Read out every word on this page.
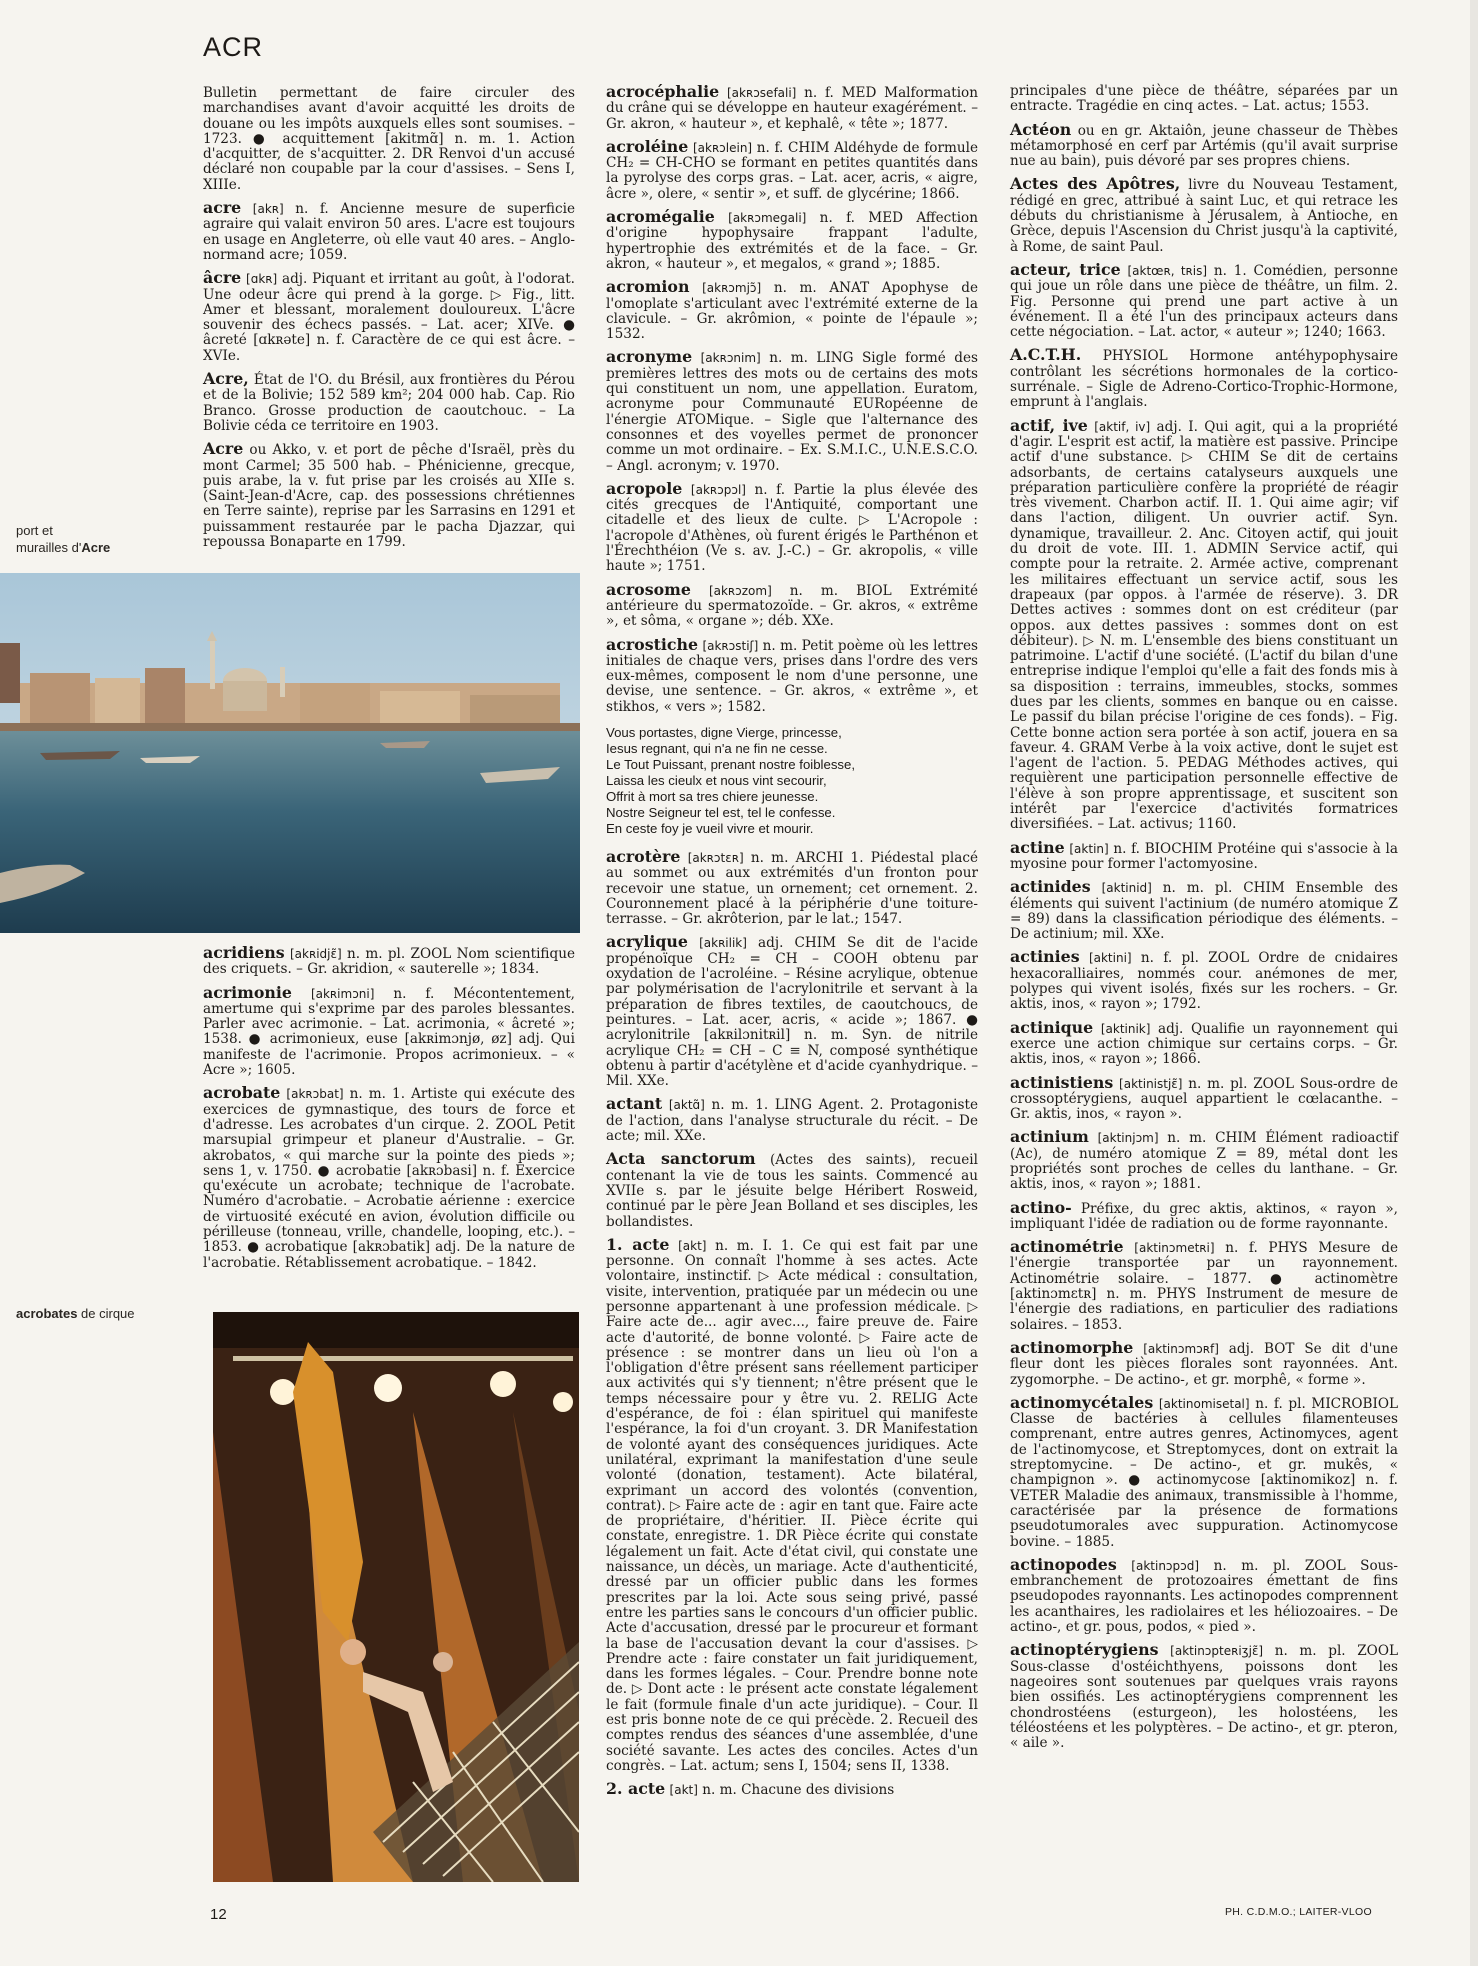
ACR
port et
murailles d'Acre
acrobates de cirque

Bulletin permettant de faire circuler des marchandises avant d'avoir acquitté les droits de douane ou les impôts auxquels elles sont soumises. – 1723. ● acquittement [akitmɑ̃] n. m. 1. Action d'acquitter, de s'acquitter. 2. DR Renvoi d'un accusé déclaré non coupable par la cour d'assises. – Sens I, XIIIe.

acre [akʀ] n. f. Ancienne mesure de superficie agraire qui valait environ 50 ares. L'acre est toujours en usage en Angleterre, où elle vaut 40 ares. – Anglo-normand acre; 1059.

âcre [ɑkʀ] adj. Piquant et irritant au goût, à l'odorat. Une odeur âcre qui prend à la gorge. ▷ Fig., litt. Amer et blessant, moralement douloureux. L'âcre souvenir des échecs passés. – Lat. acer; XIVe. ● âcreté [ɑkʀəte] n. f. Caractère de ce qui est âcre. – XVIe.

Acre, État de l'O. du Brésil, aux frontières du Pérou et de la Bolivie; 152 589 km²; 204 000 hab. Cap. Rio Branco. Grosse production de caoutchouc. – La Bolivie céda ce territoire en 1903.

Acre ou Akko, v. et port de pêche d'Israël, près du mont Carmel; 35 500 hab. – Phénicienne, grecque, puis arabe, la v. fut prise par les croisés au XIIe s. (Saint-Jean-d'Acre, cap. des possessions chrétiennes en Terre sainte), reprise par les Sarrasins en 1291 et puissamment restaurée par le pacha Djazzar, qui repoussa Bonaparte en 1799.

acridiens [akʀidjɛ̃] n. m. pl. ZOOL Nom scientifique des criquets. – Gr. akridion, « sauterelle »; 1834.

acrimonie [akʀimɔni] n. f. Mécontentement, amertume qui s'exprime par des paroles blessantes. Parler avec acrimonie. – Lat. acrimonia, « âcreté »; 1538. ● acrimonieux, euse [akʀimɔnjø, øz] adj. Qui manifeste de l'acrimonie. Propos acrimonieux. – « Acre »; 1605.

acrobate [akʀɔbat] n. m. 1. Artiste qui exécute des exercices de gymnastique, des tours de force et d'adresse. Les acrobates d'un cirque. 2. ZOOL Petit marsupial grimpeur et planeur d'Australie. – Gr. akrobatos, « qui marche sur la pointe des pieds »; sens 1, v. 1750. ● acrobatie [akʀɔbasi] n. f. Exercice qu'exécute un acrobate; technique de l'acrobate. Numéro d'acrobatie. – Acrobatie aérienne : exercice de virtuosité exécuté en avion, évolution difficile ou périlleuse (tonneau, vrille, chandelle, looping, etc.). – 1853. ● acrobatique [akʀɔbatik] adj. De la nature de l'acrobatie. Rétablissement acrobatique. – 1842.

acrocéphalie [akʀɔsefali] n. f. MED Malformation du crâne qui se développe en hauteur exagérément. – Gr. akron, « hauteur », et kephalê, « tête »; 1877.

acroléine [akʀɔlein] n. f. CHIM Aldéhyde de formule CH₂ = CH-CHO se formant en petites quantités dans la pyrolyse des corps gras. – Lat. acer, acris, « aigre, âcre », olere, « sentir », et suff. de glycérine; 1866.

acromégalie [akʀɔmegali] n. f. MED Affection d'origine hypophysaire frappant l'adulte, hypertrophie des extrémités et de la face. – Gr. akron, « hauteur », et megalos, « grand »; 1885.

acromion [akʀɔmjɔ̃] n. m. ANAT Apophyse de l'omoplate s'articulant avec l'extrémité externe de la clavicule. – Gr. akrômion, « pointe de l'épaule »; 1532.

acronyme [akʀɔnim] n. m. LING Sigle formé des premières lettres des mots ou de certains des mots qui constituent un nom, une appellation. Euratom, acronyme pour Communauté EURopéenne de l'énergie ATOMique. – Sigle que l'alternance des consonnes et des voyelles permet de prononcer comme un mot ordinaire. – Ex. S.M.I.C., U.N.E.S.C.O. – Angl. acronym; v. 1970.

acropole [akʀɔpɔl] n. f. Partie la plus élevée des cités grecques de l'Antiquité, comportant une citadelle et des lieux de culte. ▷ L'Acropole : l'acropole d'Athènes, où furent érigés le Parthénon et l'Érechthéion (Ve s. av. J.-C.) – Gr. akropolis, « ville haute »; 1751.

acrosome [akʀɔzom] n. m. BIOL Extrémité antérieure du spermatozoïde. – Gr. akros, « extrême », et sôma, « organe »; déb. XXe.

acrostiche [akʀɔstiʃ] n. m. Petit poème où les lettres initiales de chaque vers, prises dans l'ordre des vers eux-mêmes, composent le nom d'une personne, une devise, une sentence. – Gr. akros, « extrême », et stikhos, « vers »; 1582.

Vous portastes, digne Vierge, princesse,
Iesus regnant, qui n'a ne fin ne cesse.
Le Tout Puissant, prenant nostre foiblesse,
Laissa les cieulx et nous vint secourir,
Offrit à mort sa tres chiere jeunesse.
Nostre Seigneur tel est, tel le confesse.
En ceste foy je vueil vivre et mourir.

acrotère [akʀɔtɛʀ] n. m. ARCHI 1. Piédestal placé au sommet ou aux extrémités d'un fronton pour recevoir une statue, un ornement; cet ornement. 2. Couronnement placé à la périphérie d'une toiture-terrasse. – Gr. akrôterion, par le lat.; 1547.

acrylique [akʀilik] adj. CHIM Se dit de l'acide propénoïque CH₂ = CH – COOH obtenu par oxydation de l'acroléine. – Résine acrylique, obtenue par polymérisation de l'acrylonitrile et servant à la préparation de fibres textiles, de caoutchoucs, de peintures. – Lat. acer, acris, « acide »; 1867. ● acrylonitrile [akʀilɔnitʀil] n. m. Syn. de nitrile acrylique CH₂ = CH – C ≡ N, composé synthétique obtenu à partir d'acétylène et d'acide cyanhydrique. – Mil. XXe.

actant [aktɑ̃] n. m. 1. LING Agent. 2. Protagoniste de l'action, dans l'analyse structurale du récit. – De acte; mil. XXe.

Acta sanctorum (Actes des saints), recueil contenant la vie de tous les saints. Commencé au XVIIe s. par le jésuite belge Héribert Rosweid, continué par le père Jean Bolland et ses disciples, les bollandistes.

1. acte [akt] n. m. I. 1. Ce qui est fait par une personne. On connaît l'homme à ses actes. Acte volontaire, instinctif. ▷ Acte médical : consultation, visite, intervention, pratiquée par un médecin ou une personne appartenant à une profession médicale. ▷ Faire acte de... agir avec..., faire preuve de. Faire acte d'autorité, de bonne volonté. ▷ Faire acte de présence : se montrer dans un lieu où l'on a l'obligation d'être présent sans réellement participer aux activités qui s'y tiennent; n'être présent que le temps nécessaire pour y être vu. 2. RELIG Acte d'espérance, de foi : élan spirituel qui manifeste l'espérance, la foi d'un croyant. 3. DR Manifestation de volonté ayant des conséquences juridiques. Acte unilatéral, exprimant la manifestation d'une seule volonté (donation, testament). Acte bilatéral, exprimant un accord des volontés (convention, contrat). ▷ Faire acte de : agir en tant que. Faire acte de propriétaire, d'héritier. II. Pièce écrite qui constate, enregistre. 1. DR Pièce écrite qui constate légalement un fait. Acte d'état civil, qui constate une naissance, un décès, un mariage. Acte d'authenticité, dressé par un officier public dans les formes prescrites par la loi. Acte sous seing privé, passé entre les parties sans le concours d'un officier public. Acte d'accusation, dressé par le procureur et formant la base de l'accusation devant la cour d'assises. ▷ Prendre acte : faire constater un fait juridiquement, dans les formes légales. – Cour. Prendre bonne note de. ▷ Dont acte : le présent acte constate légalement le fait (formule finale d'un acte juridique). – Cour. Il est pris bonne note de ce qui précède. 2. Recueil des comptes rendus des séances d'une assemblée, d'une société savante. Les actes des conciles. Actes d'un congrès. – Lat. actum; sens I, 1504; sens II, 1338.

2. acte [akt] n. m. Chacune des divisions

principales d'une pièce de théâtre, séparées par un entracte. Tragédie en cinq actes. – Lat. actus; 1553.

Actéon ou en gr. Aktaiôn, jeune chasseur de Thèbes métamorphosé en cerf par Artémis (qu'il avait surprise nue au bain), puis dévoré par ses propres chiens.

Actes des Apôtres, livre du Nouveau Testament, rédigé en grec, attribué à saint Luc, et qui retrace les débuts du christianisme à Jérusalem, à Antioche, en Grèce, depuis l'Ascension du Christ jusqu'à la captivité, à Rome, de saint Paul.

acteur, trice [aktœʀ, tʀis] n. 1. Comédien, personne qui joue un rôle dans une pièce de théâtre, un film. 2. Fig. Personne qui prend une part active à un événement. Il a été l'un des principaux acteurs dans cette négociation. – Lat. actor, « auteur »; 1240; 1663.

A.C.T.H. PHYSIOL Hormone antéhypophysaire contrôlant les sécrétions hormonales de la cortico-surrénale. – Sigle de Adreno-Cortico-Trophic-Hormone, emprunt à l'anglais.

actif, ive [aktif, iv] adj. I. Qui agit, qui a la propriété d'agir. L'esprit est actif, la matière est passive. Principe actif d'une substance. ▷ CHIM Se dit de certains adsorbants, de certains catalyseurs auxquels une préparation particulière confère la propriété de réagir très vivement. Charbon actif. II. 1. Qui aime agir; vif dans l'action, diligent. Un ouvrier actif. Syn. dynamique, travailleur. 2. Anc. Citoyen actif, qui jouit du droit de vote. III. 1. ADMIN Service actif, qui compte pour la retraite. 2. Armée active, comprenant les militaires effectuant un service actif, sous les drapeaux (par oppos. à l'armée de réserve). 3. DR Dettes actives : sommes dont on est créditeur (par oppos. aux dettes passives : sommes dont on est débiteur). ▷ N. m. L'ensemble des biens constituant un patrimoine. L'actif d'une société. (L'actif du bilan d'une entreprise indique l'emploi qu'elle a fait des fonds mis à sa disposition : terrains, immeubles, stocks, sommes dues par les clients, sommes en banque ou en caisse. Le passif du bilan précise l'origine de ces fonds). – Fig. Cette bonne action sera portée à son actif, jouera en sa faveur. 4. GRAM Verbe à la voix active, dont le sujet est l'agent de l'action. 5. PEDAG Méthodes actives, qui requièrent une participation personnelle effective de l'élève à son propre apprentissage, et suscitent son intérêt par l'exercice d'activités formatrices diversifiées. – Lat. activus; 1160.

actine [aktin] n. f. BIOCHIM Protéine qui s'associe à la myosine pour former l'actomyosine.

actinides [aktinid] n. m. pl. CHIM Ensemble des éléments qui suivent l'actinium (de numéro atomique Z = 89) dans la classification périodique des éléments. – De actinium; mil. XXe.

actinies [aktini] n. f. pl. ZOOL Ordre de cnidaires hexacoralliaires, nommés cour. anémones de mer, polypes qui vivent isolés, fixés sur les rochers. – Gr. aktis, inos, « rayon »; 1792.

actinique [aktinik] adj. Qualifie un rayonnement qui exerce une action chimique sur certains corps. – Gr. aktis, inos, « rayon »; 1866.

actinistiens [aktinistjɛ̃] n. m. pl. ZOOL Sous-ordre de crossoptérygiens, auquel appartient le cœlacanthe. – Gr. aktis, inos, « rayon ».

actinium [aktinjɔm] n. m. CHIM Élément radioactif (Ac), de numéro atomique Z = 89, métal dont les propriétés sont proches de celles du lanthane. – Gr. aktis, inos, « rayon »; 1881.

actino- Préfixe, du grec aktis, aktinos, « rayon », impliquant l'idée de radiation ou de forme rayonnante.

actinométrie [aktinɔmetʀi] n. f. PHYS Mesure de l'énergie transportée par un rayonnement. Actinométrie solaire. – 1877. ● actinomètre [aktinɔmɛtʀ] n. m. PHYS Instrument de mesure de l'énergie des radiations, en particulier des radiations solaires. – 1853.

actinomorphe [aktinɔmɔʀf] adj. BOT Se dit d'une fleur dont les pièces florales sont rayonnées. Ant. zygomorphe. – De actino-, et gr. morphê, « forme ».

actinomycétales [aktinomisetal] n. f. pl. MICROBIOL Classe de bactéries à cellules filamenteuses comprenant, entre autres genres, Actinomyces, agent de l'actinomycose, et Streptomyces, dont on extrait la streptomycine. – De actino-, et gr. mukês, « champignon ». ● actinomycose [aktinomikoz] n. f. VETER Maladie des animaux, transmissible à l'homme, caractérisée par la présence de formations pseudotumorales avec suppuration. Actinomycose bovine. – 1885.

actinopodes [aktinɔpɔd] n. m. pl. ZOOL Sous-embranchement de protozoaires émettant de fins pseudopodes rayonnants. Les actinopodes comprennent les acanthaires, les radiolaires et les héliozoaires. – De actino-, et gr. pous, podos, « pied ».

actinoptérygiens [aktinɔpteʀiʒjɛ̃] n. m. pl. ZOOL Sous-classe d'ostéichthyens, poissons dont les nageoires sont soutenues par quelques vrais rayons bien ossifiés. Les actinoptérygiens comprennent les chondrostéens (esturgeon), les holostéens, les téléostéens et les polyptères. – De actino-, et gr. pteron, « aile ».

12	PH. C.D.M.O.; LAITER-VLOO
